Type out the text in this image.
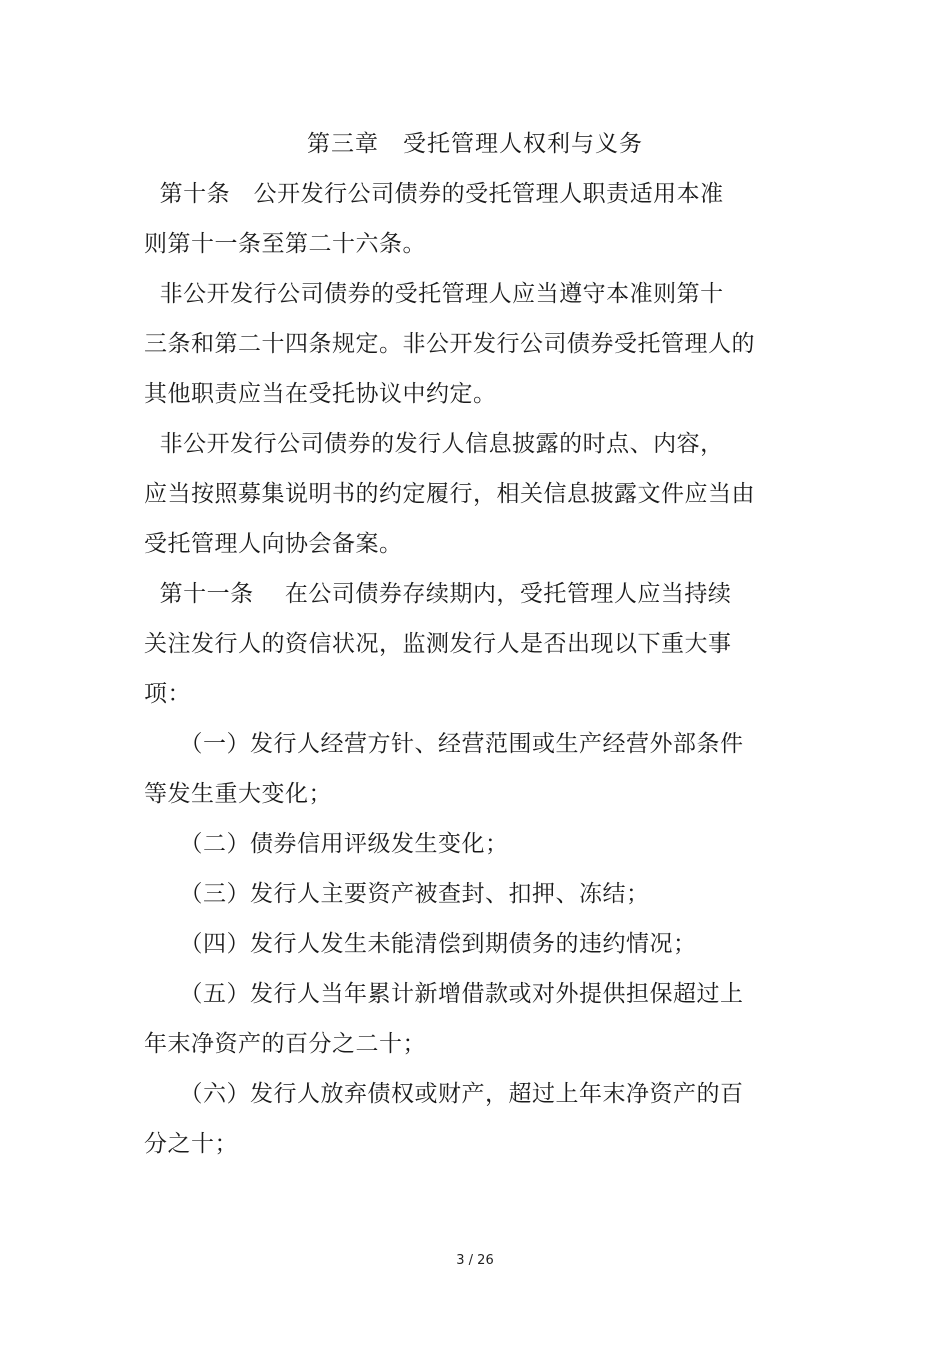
第三章　受托管理人权利与义务
第十条　公开发行公司债券的受托管理人职责适用本准
则第十一条至第二十六条。
非公开发行公司债券的受托管理人应当遵守本准则第十
三条和第二十四条规定。非公开发行公司债券受托管理人的
其他职责应当在受托协议中约定。
非公开发行公司债券的发行人信息披露的时点、内容，
应当按照募集说明书的约定履行，相关信息披露文件应当由
受托管理人向协会备案。
第十一条　 在公司债券存续期内，受托管理人应当持续
关注发行人的资信状况，监测发行人是否出现以下重大事
项：
　　（一）发行人经营方针、经营范围或生产经营外部条件
等发生重大变化；
　　（二）债券信用评级发生变化；
　　（三）发行人主要资产被查封、扣押、冻结；
　　（四）发行人发生未能清偿到期债务的违约情况；
　　（五）发行人当年累计新增借款或对外提供担保超过上
年末净资产的百分之二十；
　　（六）发行人放弃债权或财产，超过上年末净资产的百
分之十；
3 / 26
